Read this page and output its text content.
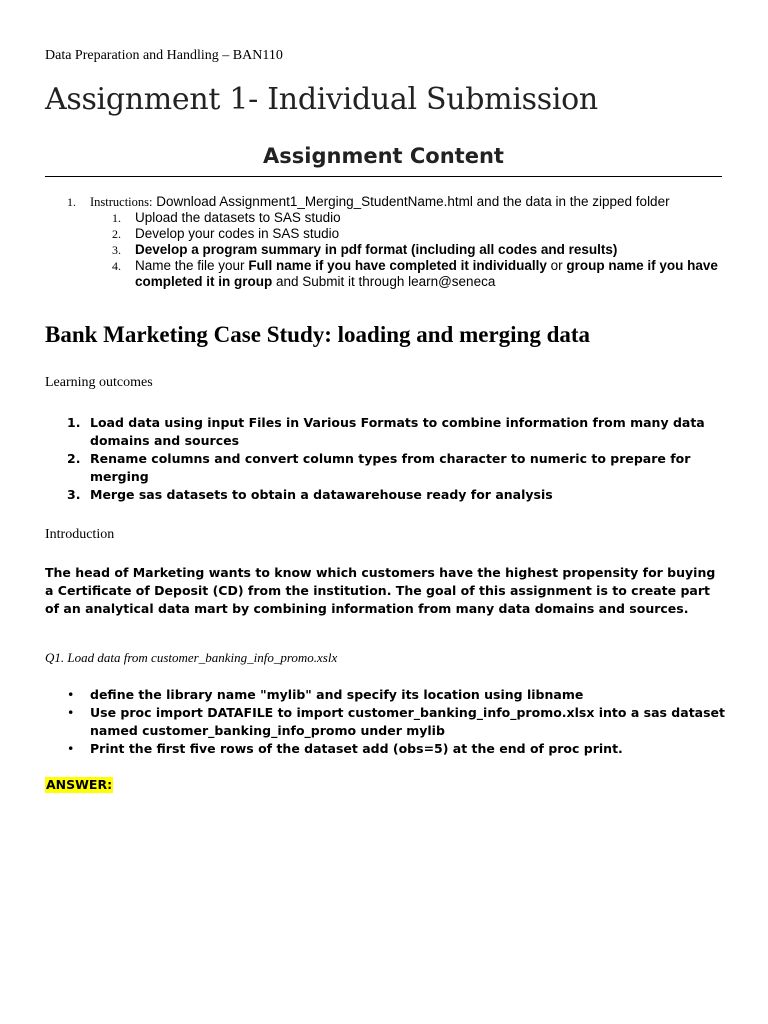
Data Preparation and Handling – BAN110
Assignment 1- Individual Submission
Assignment Content
1. Instructions: Download Assignment1_Merging_StudentName.html and the data in the zipped folder
1. Upload the datasets to SAS studio
2. Develop your codes in SAS studio
3. Develop a program summary in pdf format (including all codes and results)
4. Name the file your Full name if you have completed it individually or group name if you have completed it in group and Submit it through learn@seneca
Bank Marketing Case Study: loading and merging data
Learning outcomes
1. Load data using input Files in Various Formats to combine information from many data domains and sources
2. Rename columns and convert column types from character to numeric to prepare for merging
3. Merge sas datasets to obtain a datawarehouse ready for analysis
Introduction

The head of Marketing wants to know which customers have the highest propensity for buying a Certificate of Deposit (CD) from the institution. The goal of this assignment is to create part of an analytical data mart by combining information from many data domains and sources.

Q1. Load data from customer_banking_info_promo.xslx
• define the library name "mylib" and specify its location using libname
• Use proc import DATAFILE to import customer_banking_info_promo.xlsx into a sas dataset named customer_banking_info_promo under mylib
• Print the first five rows of the dataset add (obs=5) at the end of proc print.
ANSWER:
